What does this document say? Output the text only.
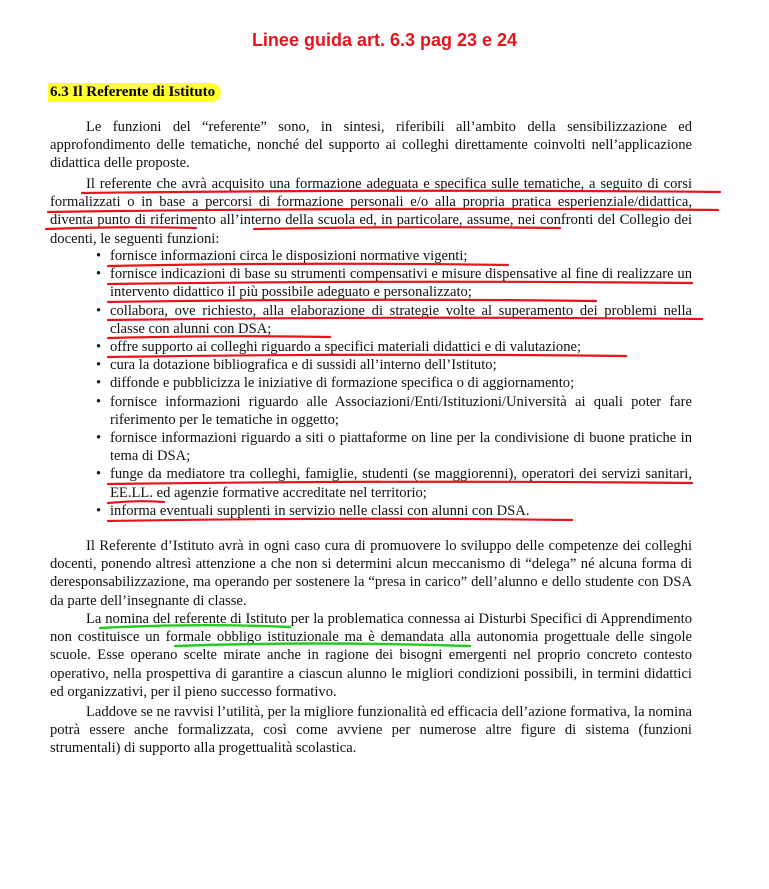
Linee guida art. 6.3 pag 23 e 24
6.3 Il Referente di Istituto

Le funzioni del “referente” sono, in sintesi, riferibili all’ambito della sensibilizzazione ed approfondimento delle tematiche, nonché del supporto ai colleghi direttamente coinvolti nell’applicazione didattica delle proposte.

Il referente che avrà acquisito una formazione adeguata e specifica sulle tematiche, a seguito di corsi formalizzati o in base a percorsi di formazione personali e/o alla propria pratica esperienziale/didattica, diventa punto di riferimento all’interno della scuola ed, in particolare, assume, nei confronti del Collegio dei docenti, le seguenti funzioni:

• fornisce informazioni circa le disposizioni normative vigenti;
• fornisce indicazioni di base su strumenti compensativi e misure dispensative al fine di realizzare un intervento didattico il più possibile adeguato e personalizzato;
• collabora, ove richiesto, alla elaborazione di strategie volte al superamento dei problemi nella classe con alunni con DSA;
• offre supporto ai colleghi riguardo a specifici materiali didattici e di valutazione;
• cura la dotazione bibliografica e di sussidi all’interno dell’Istituto;
• diffonde e pubblicizza le iniziative di formazione specifica o di aggiornamento;
• fornisce informazioni riguardo alle Associazioni/Enti/Istituzioni/Università ai quali poter fare riferimento per le tematiche in oggetto;
• fornisce informazioni riguardo a siti o piattaforme on line per la condivisione di buone pratiche in tema di DSA;
• funge da mediatore tra colleghi, famiglie, studenti (se maggiorenni), operatori dei servizi sanitari, EE.LL. ed agenzie formative accreditate nel territorio;
• informa eventuali supplenti in servizio nelle classi con alunni con DSA.

Il Referente d’Istituto avrà in ogni caso cura di promuovere lo sviluppo delle competenze dei colleghi docenti, ponendo altresì attenzione a che non si determini alcun meccanismo di “delega” né alcuna forma di deresponsabilizzazione, ma operando per sostenere la “presa in carico” dell’alunno e dello studente con DSA da parte dell’insegnante di classe.

La nomina del referente di Istituto per la problematica connessa ai Disturbi Specifici di Apprendimento non costituisce un formale obbligo istituzionale ma è demandata alla autonomia progettuale delle singole scuole. Esse operano scelte mirate anche in ragione dei bisogni emergenti nel proprio concreto contesto operativo, nella prospettiva di garantire a ciascun alunno le migliori condizioni possibili, in termini didattici ed organizzativi, per il pieno successo formativo.

Laddove se ne ravvisi l’utilità, per la migliore funzionalità ed efficacia dell’azione formativa, la nomina potrà essere anche formalizzata, così come avviene per numerose altre figure di sistema (funzioni strumentali) di supporto alla progettualità scolastica.
